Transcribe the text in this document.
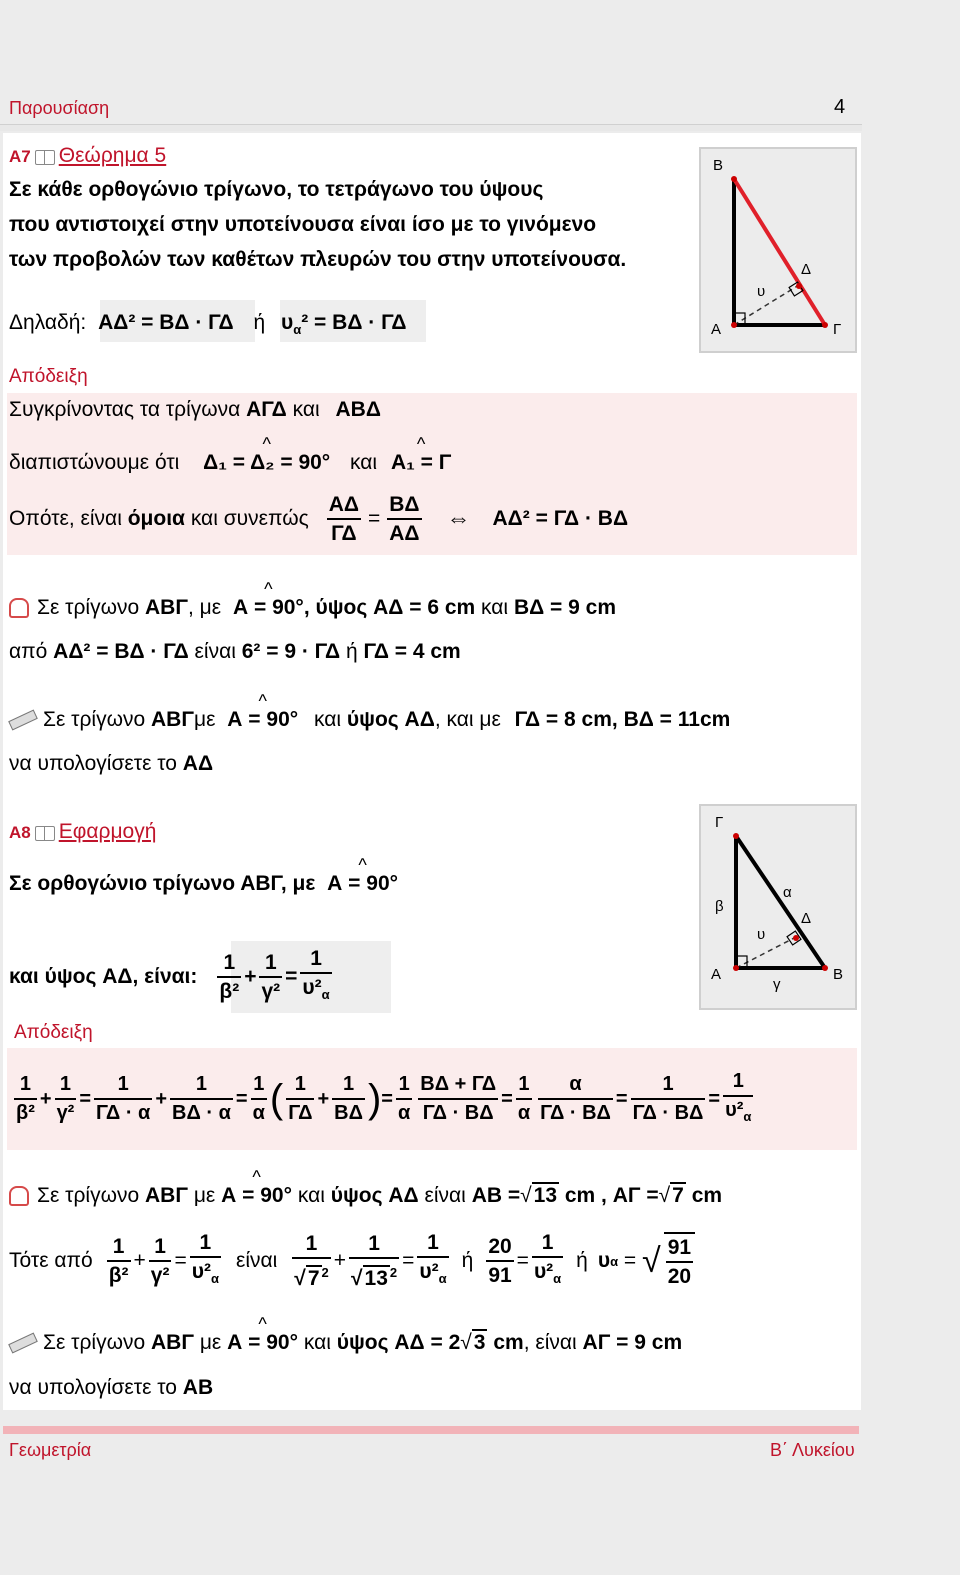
Παρουσίαση	4
Α7 Θεώρημα 5
Σε κάθε ορθογώνιο τρίγωνο, το τετράγωνο του ύψους
που αντιστοιχεί στην υποτείνουσα είναι ίσο με το γινόμενο
των προβολών των καθέτων πλευρών του στην υποτείνουσα.
Δηλαδή: ΑΔ² = ΒΔ · ΓΔ ή $\upsilon_\alpha^2 = B\Delta \cdot \Gamma\Delta$
Απόδειξη
Συγκρίνοντας τα τρίγωνα ΑΓΔ και ΑΒΔ
διαπιστώνουμε ότι ^ Δ₁ = Δ₂ = 90° και ^ Α₁ = Γ
Οπότε, είναι
όμοια
και συνεπώς $\frac{A\Delta}{\Gamma\Delta} = \frac{B\Delta}{A\Delta}$ ⇔ ΑΔ² = ΓΔ · ΒΔ
Β
Α	Γ
Δ
υ
Σε τρίγωνο ΑΒΓ, με ^ Α = 90°, ύψος ΑΔ = 6 cm και ΒΔ = 9 cm
από ΑΔ² = ΒΔ · ΓΔ είναι 6² = 9 · ΓΔ ή ΓΔ = 4 cm
Σε τρίγωνο ΑΒΓμε ^ Α = 90° και ύψος ΑΔ, και με ΓΔ = 8 cm, ΒΔ = 11cm
να υπολογίσετε το ΑΔ
Α8 Εφαρμογή
Σε ορθογώνιο τρίγωνο ΑΒΓ, με ^ Α = 90°
και ύψος
ΑΔ , είναι: $\frac{1}{\text{β²}} + \frac{1}{\text{γ²}} = \frac{1}{\upsilon^2_\alpha}$
Απόδειξη
$\frac{1}{\text{β²}} + \frac{1}{\text{γ²}} = \frac{1}{\Gamma\Delta \cdot \alpha} + \frac{1}{B\Delta \cdot \alpha} = \frac{1}{\alpha}$ ( $\frac{1}{\Gamma\Delta} + \frac{1}{B\Delta}$ ) = $\frac{1}{\alpha} \frac{B\Delta + \Gamma\Delta}{\Gamma\Delta \cdot B\Delta} = \frac{1}{\alpha} \frac{\alpha}{\Gamma\Delta \cdot B\Delta} = \frac{1}{\Gamma\Delta \cdot B\Delta} = \frac{1}{\upsilon^2_\alpha}$
Γ
Α	Β
Δ
υ
α
β
γ
Σε τρίγωνο ΑΒΓ με ^ Α = 90° και ύψος ΑΔ είναι ΑΒ =√13 cm , ΑΓ =√7 cm
Τότε από $\frac{1}{\text{β²}} + \frac{1}{\text{γ²}} = \frac{1}{\upsilon^2_\alpha}$ είναι $\frac{1}{√7 ^2} + \frac{1}{√13 ^2} = \frac{1}{\upsilon^2_\alpha}$ ή $\frac{20}{91} = \frac{1}{\upsilon^2_\alpha}$ ή υ α = √ $\frac{91}{20}$
Σε τρίγωνο ΑΒΓ με ^ Α = 90° και ύψος ΑΔ = 2√3 cm, είναι ΑΓ = 9 cm
να υπολογίσετε το ΑΒ
Γεωμετρία	Β΄ Λυκείου
